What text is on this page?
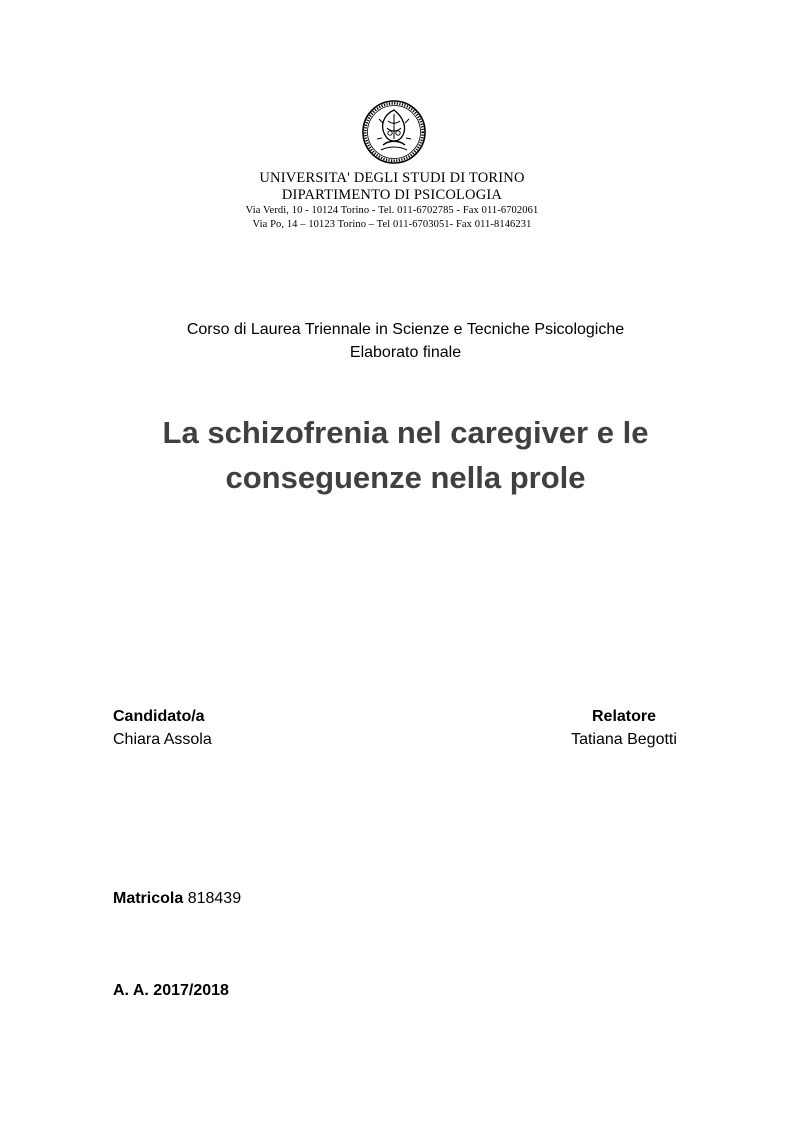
UNIVERSITA' DEGLI STUDI DI TORINO
DIPARTIMENTO DI PSICOLOGIA
Via Verdi, 10 - 10124 Torino - Tel. 011-6702785 - Fax 011-6702061
Via Po, 14 – 10123 Torino – Tel 011-6703051- Fax 011-8146231
Corso di Laurea Triennale in Scienze e Tecniche Psicologiche
Elaborato finale
La schizofrenia nel caregiver e le
conseguenze nella prole
Candidato/a
Chiara Assola
Relatore
Tatiana Begotti
Matricola 818439
A. A. 2017/2018
